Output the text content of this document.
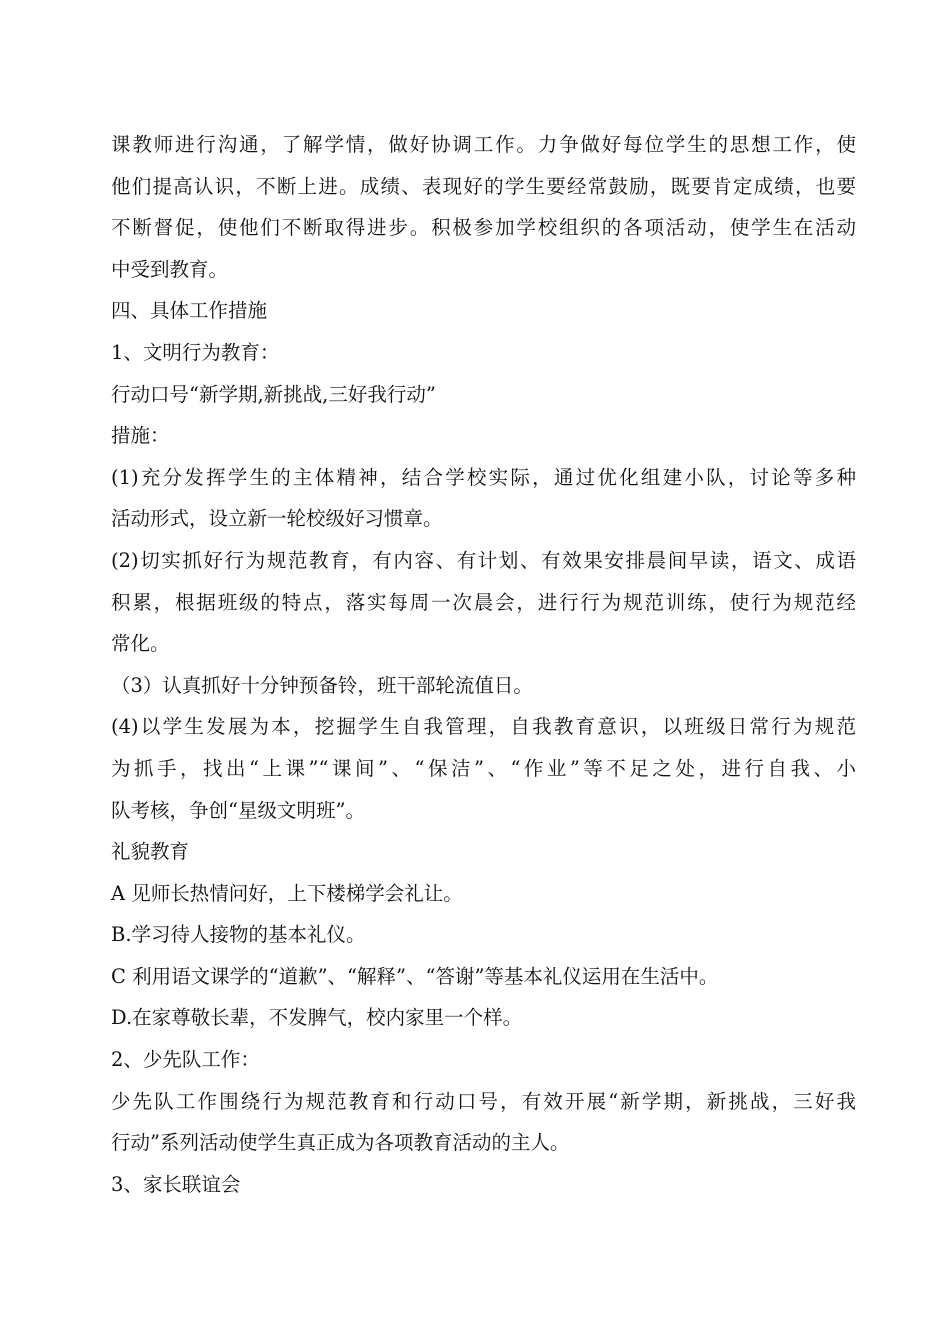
课教师进行沟通，了解学情，做好协调工作。力争做好每位学生的思想工作，使
他们提高认识，不断上进。成绩、表现好的学生要经常鼓励，既要肯定成绩，也要
不断督促，使他们不断取得进步。积极参加学校组织的各项活动，使学生在活动
中受到教育。
四、具体工作措施
1、文明行为教育：
行动口号“新学期,新挑战,三好我行动”
措施：
(1)充分发挥学生的主体精神，结合学校实际，通过优化组建小队，讨论等多种
活动形式，设立新一轮校级好习惯章。
(2)切实抓好行为规范教育，有内容、有计划、有效果安排晨间早读，语文、成语
积累，根据班级的特点，落实每周一次晨会，进行行为规范训练，使行为规范经
常化。
（3）认真抓好十分钟预备铃，班干部轮流值日。
(4)以学生发展为本，挖掘学生自我管理，自我教育意识，以班级日常行为规范
为抓手，找出“上课”“课间”、“保洁”、“作业”等不足之处，进行自我、小
队考核，争创“星级文明班”。
礼貌教育
A 见师长热情问好，上下楼梯学会礼让。
B.学习待人接物的基本礼仪。
C 利用语文课学的“道歉”、“解释”、“答谢”等基本礼仪运用在生活中。
D.在家尊敬长辈，不发脾气，校内家里一个样。
2、少先队工作：
少先队工作围绕行为规范教育和行动口号，有效开展“新学期，新挑战，三好我
行动”系列活动使学生真正成为各项教育活动的主人。
3、家长联谊会
